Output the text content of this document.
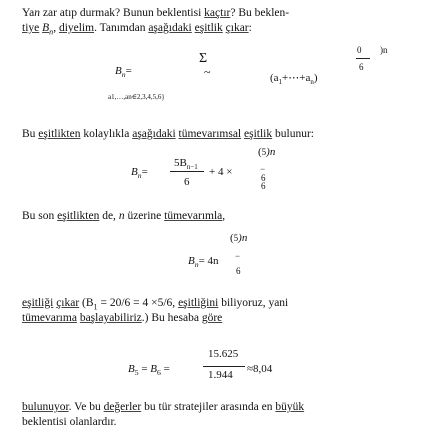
Yan zar atıp durmak? Bunun beklentisi kaçtır? Bu beklen-
tiye $B_n$, diyelim. Tanımdan aşağıdaki eşitlik çıkar:
$B_n=$
Σ
~	$(a_1+\cdots+a_n)$
0 )n
6
a1,…,an∈2,3,4,5,6}
Bu eşitlikten kolaylıkla aşağıdaki tümevarımsal eşitlik bulunur:
$B_n=$
$5B_{n-1}$
6
+ 4 ×
(5)n
−
6
6
Bu son eşitlikten de, n üzerine tümevarımla,
(5)n
$B_n= 4n$ −
6
eşitliği çıkar ($B_1 = 20/6 = 4 \times 5/6$, eşitliğini biliyoruz, yani
tümevarıma başlayabiliriz.) Bu hesaba göre
15.625
$B_5 = B_6$ =	1.944 ≈8,04
bulunuyor. Ve bu değerler bu tür stratejiler arasında en büyük
beklentisi olanlardır.
